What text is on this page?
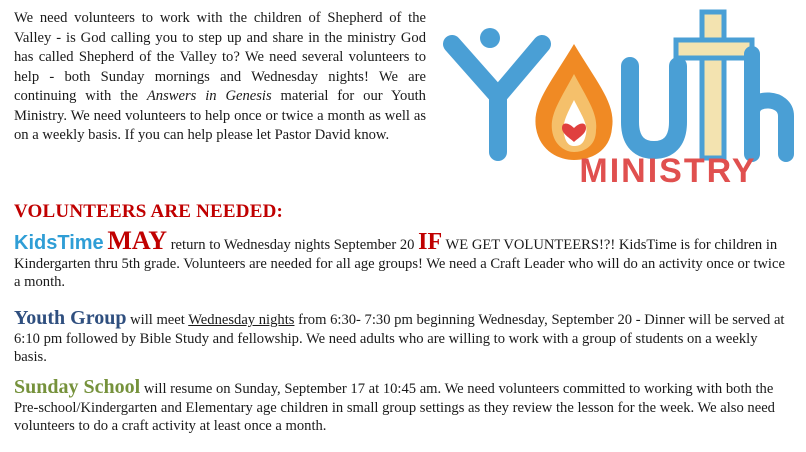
We need volunteers to work with the children of Shepherd of the Valley - is God calling you to step up and share in the ministry God has called Shepherd of the Valley to? We need several volunteers to help - both Sunday mornings and Wednesday nights! We are continuing with the Answers in Genesis material for our Youth Ministry. We need volunteers to help once or twice a month as well as on a weekly basis. If you can help please let Pastor David know.
MINISTRY
VOLUNTEERS ARE NEEDED:
KidsTime MAY return to Wednesday nights September 20 IF WE GET VOLUNTEERS!?! KidsTime is for children in Kindergarten thru 5th grade. Volunteers are needed for all age groups! We need a Craft Leader who will do an activity once or twice a month.
Youth Group will meet Wednesday nights from 6:30- 7:30 pm beginning Wednesday, September 20 - Dinner will be served at 6:10 pm followed by Bible Study and fellowship. We need adults who are willing to work with a group of students on a weekly basis.
Sunday School will resume on Sunday, September 17 at 10:45 am. We need volunteers committed to working with both the Pre-school/Kindergarten and Elementary age children in small group settings as they review the lesson for the week. We also need volunteers to do a craft activity at least once a month.
